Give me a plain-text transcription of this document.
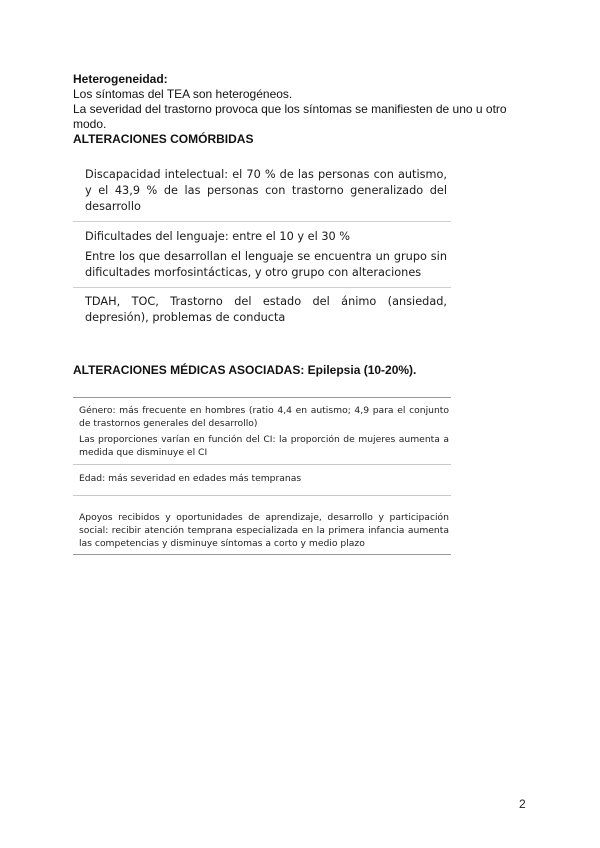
Heterogeneidad:
Los síntomas del TEA son heterogéneos.
La severidad del trastorno provoca que los síntomas se manifiesten de uno u otro modo.
ALTERACIONES COMÓRBIDAS

Discapacidad intelectual: el 70 % de las personas con autismo, y el 43,9 % de las personas con trastorno generalizado del desarrollo

Dificultades del lenguaje: entre el 10 y el 30 %

Entre los que desarrollan el lenguaje se encuentra un grupo sin dificultades morfosintácticas, y otro grupo con alteraciones

TDAH, TOC, Trastorno del estado del ánimo (ansiedad, depresión), problemas de conducta

ALTERACIONES MÉDICAS ASOCIADAS: Epilepsia (10-20%).

Género: más frecuente en hombres (ratio 4,4 en autismo; 4,9 para el conjunto de trastornos generales del desarrollo)

Las proporciones varían en función del CI: la proporción de mujeres aumenta a medida que disminuye el CI

Edad: más severidad en edades más tempranas

Apoyos recibidos y oportunidades de aprendizaje, desarrollo y participación social: recibir atención temprana especializada en la primera infancia aumenta las competencias y disminuye síntomas a corto y medio plazo

2
